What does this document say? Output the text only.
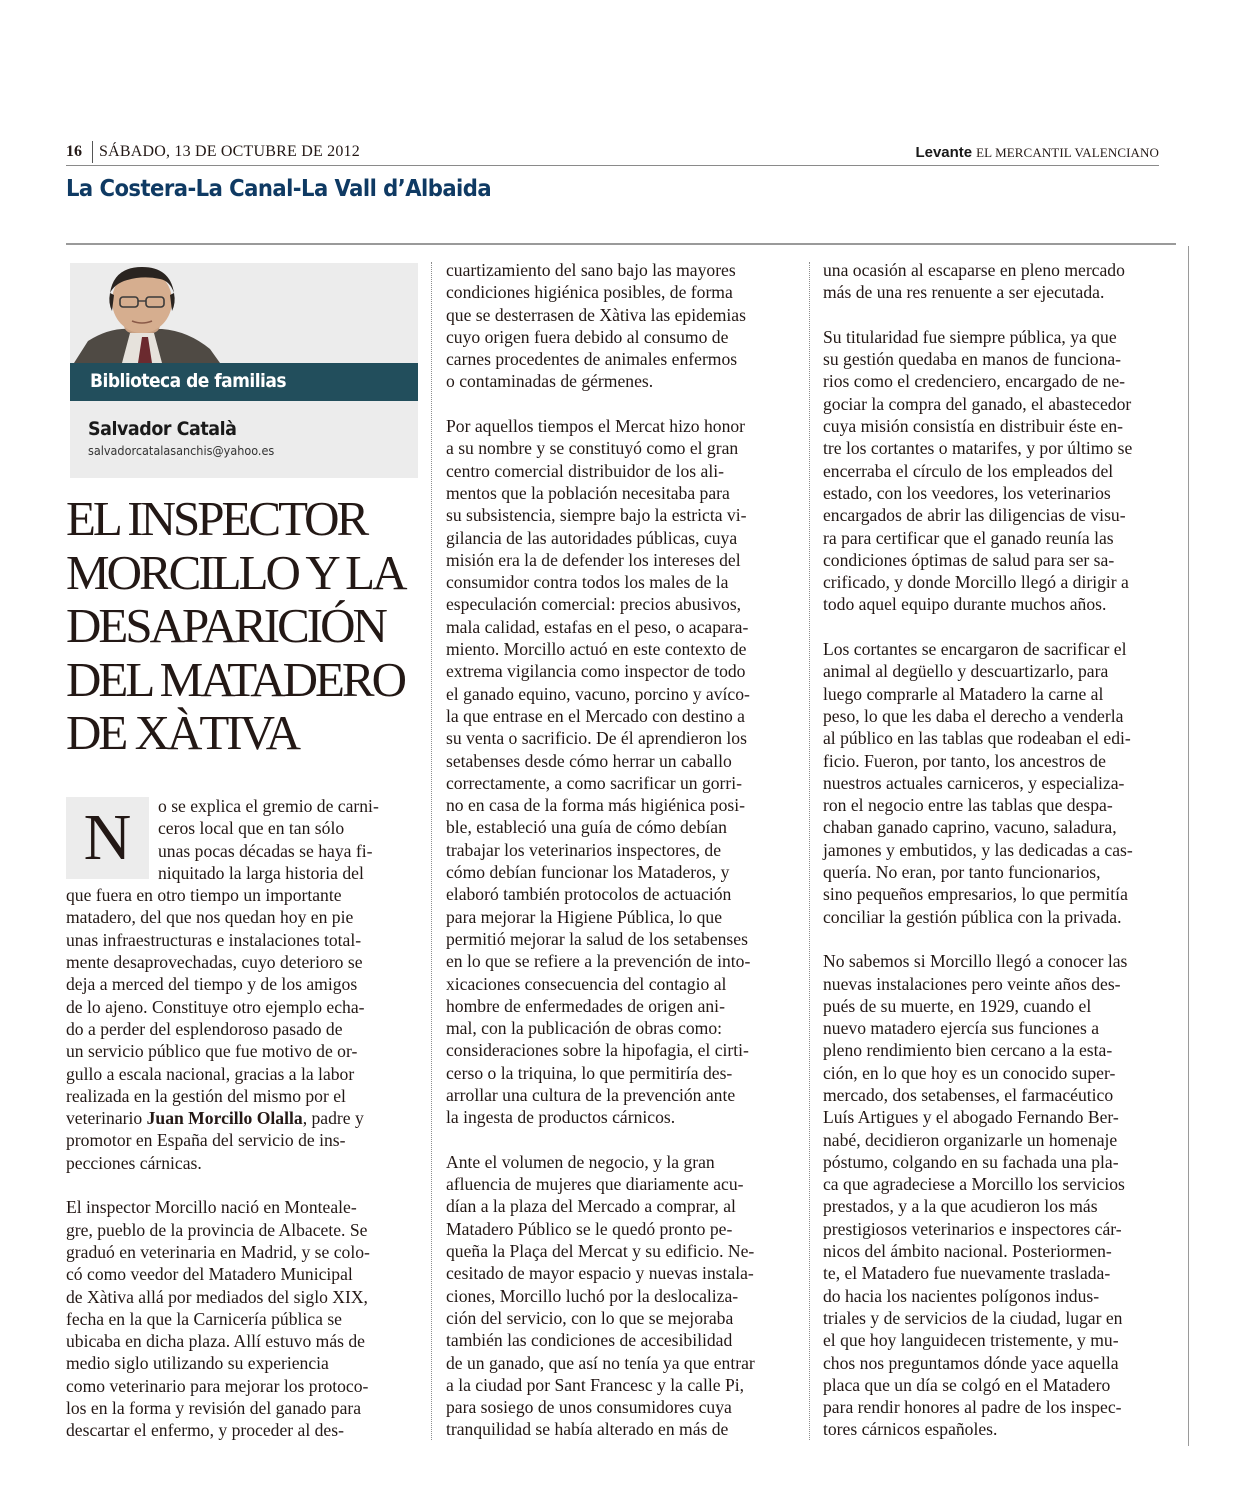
16 SÁBADO, 13 DE OCTUBRE DE 2012	Levante EL MERCANTIL VALENCIANO
La Costera-La Canal-La Vall d’Albaida
Biblioteca de familias
Salvador Català
salvadorcatalasanchis@yahoo.es
EL INSPECTOR
MORCILLO Y LA
DESAPARICIÓN
DEL MATADERO
DE XÀTIVA
N	o se explica el gremio de carni-
ceros local que en tan sólo
unas pocas décadas se haya fi-
niquitado la larga historia del
que fuera en otro tiempo un importante
matadero, del que nos quedan hoy en pie
unas infraestructuras e instalaciones total-
mente desaprovechadas, cuyo deterioro se
deja a merced del tiempo y de los amigos
de lo ajeno. Constituye otro ejemplo echa-
do a perder del esplendoroso pasado de
un servicio público que fue motivo de or-
gullo a escala nacional, gracias a la labor
realizada en la gestión del mismo por el
veterinario Juan Morcillo Olalla, padre y
promotor en España del servicio de ins-
pecciones cárnicas.
El inspector Morcillo nació en Monteale-
gre, pueblo de la provincia de Albacete. Se
graduó en veterinaria en Madrid, y se colo-
có como veedor del Matadero Municipal
de Xàtiva allá por mediados del siglo XIX,
fecha en la que la Carnicería pública se
ubicaba en dicha plaza. Allí estuvo más de
medio siglo utilizando su experiencia
como veterinario para mejorar los protoco-
los en la forma y revisión del ganado para
descartar el enfermo, y proceder al des-
cuartizamiento del sano bajo las mayores
condiciones higiénica posibles, de forma
que se desterrasen de Xàtiva las epidemias
cuyo origen fuera debido al consumo de
carnes procedentes de animales enfermos
o contaminadas de gérmenes.
Por aquellos tiempos el Mercat hizo honor
a su nombre y se constituyó como el gran
centro comercial distribuidor de los ali-
mentos que la población necesitaba para
su subsistencia, siempre bajo la estricta vi-
gilancia de las autoridades públicas, cuya
misión era la de defender los intereses del
consumidor contra todos los males de la
especulación comercial: precios abusivos,
mala calidad, estafas en el peso, o acapara-
miento. Morcillo actuó en este contexto de
extrema vigilancia como inspector de todo
el ganado equino, vacuno, porcino y avíco-
la que entrase en el Mercado con destino a
su venta o sacrificio. De él aprendieron los
setabenses desde cómo herrar un caballo
correctamente, a como sacrificar un gorri-
no en casa de la forma más higiénica posi-
ble, estableció una guía de cómo debían
trabajar los veterinarios inspectores, de
cómo debían funcionar los Mataderos, y
elaboró también protocolos de actuación
para mejorar la Higiene Pública, lo que
permitió mejorar la salud de los setabenses
en lo que se refiere a la prevención de into-
xicaciones consecuencia del contagio al
hombre de enfermedades de origen ani-
mal, con la publicación de obras como:
consideraciones sobre la hipofagia, el cirti-
cerso o la triquina, lo que permitiría des-
arrollar una cultura de la prevención ante
la ingesta de productos cárnicos.
Ante el volumen de negocio, y la gran
afluencia de mujeres que diariamente acu-
dían a la plaza del Mercado a comprar, al
Matadero Público se le quedó pronto pe-
queña la Plaça del Mercat y su edificio. Ne-
cesitado de mayor espacio y nuevas instala-
ciones, Morcillo luchó por la deslocaliza-
ción del servicio, con lo que se mejoraba
también las condiciones de accesibilidad
de un ganado, que así no tenía ya que entrar
a la ciudad por Sant Francesc y la calle Pi,
para sosiego de unos consumidores cuya
tranquilidad se había alterado en más de
una ocasión al escaparse en pleno mercado
más de una res renuente a ser ejecutada.
Su titularidad fue siempre pública, ya que
su gestión quedaba en manos de funciona-
rios como el credenciero, encargado de ne-
gociar la compra del ganado, el abastecedor
cuya misión consistía en distribuir éste en-
tre los cortantes o matarifes, y por último se
encerraba el círculo de los empleados del
estado, con los veedores, los veterinarios
encargados de abrir las diligencias de visu-
ra para certificar que el ganado reunía las
condiciones óptimas de salud para ser sa-
crificado, y donde Morcillo llegó a dirigir a
todo aquel equipo durante muchos años.
Los cortantes se encargaron de sacrificar el
animal al degüello y descuartizarlo, para
luego comprarle al Matadero la carne al
peso, lo que les daba el derecho a venderla
al público en las tablas que rodeaban el edi-
ficio. Fueron, por tanto, los ancestros de
nuestros actuales carniceros, y especializa-
ron el negocio entre las tablas que despa-
chaban ganado caprino, vacuno, saladura,
jamones y embutidos, y las dedicadas a cas-
quería. No eran, por tanto funcionarios,
sino pequeños empresarios, lo que permitía
conciliar la gestión pública con la privada.
No sabemos si Morcillo llegó a conocer las
nuevas instalaciones pero veinte años des-
pués de su muerte, en 1929, cuando el
nuevo matadero ejercía sus funciones a
pleno rendimiento bien cercano a la esta-
ción, en lo que hoy es un conocido super-
mercado, dos setabenses, el farmacéutico
Luís Artigues y el abogado Fernando Ber-
nabé, decidieron organizarle un homenaje
póstumo, colgando en su fachada una pla-
ca que agradeciese a Morcillo los servicios
prestados, y a la que acudieron los más
prestigiosos veterinarios e inspectores cár-
nicos del ámbito nacional. Posteriormen-
te, el Matadero fue nuevamente traslada-
do hacia los nacientes polígonos indus-
triales y de servicios de la ciudad, lugar en
el que hoy languidecen tristemente, y mu-
chos nos preguntamos dónde yace aquella
placa que un día se colgó en el Matadero
para rendir honores al padre de los inspec-
tores cárnicos españoles.
